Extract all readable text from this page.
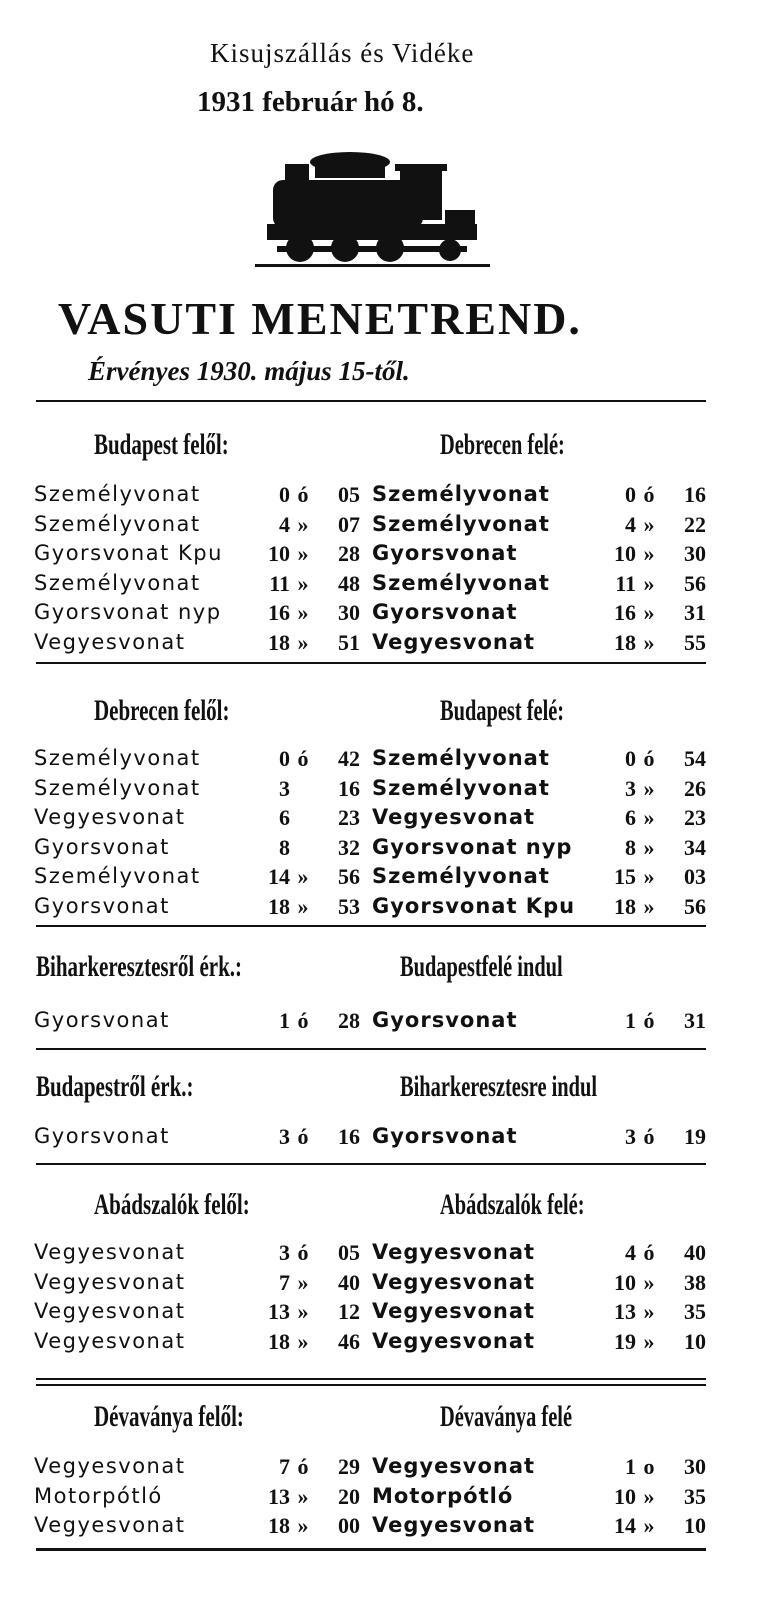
Kisujszállás és Vidéke
1931 február hó 8.
VASUTI MENETREND.
Érvényes 1930. május 15-től.
Budapest felől:	Debrecen felé:
Személyvonat	0 ó	05 Személyvonat	0 ó	16
Személyvonat	4 »	07 Személyvonat	4 »	22
Gyorsvonat Kpu	10 »	28 Gyorsvonat	10 »	30
Személyvonat	11 »	48 Személyvonat	11 »	56
Gyorsvonat nyp	16 »	30 Gyorsvonat	16 »	31
Vegyesvonat	18 »	51 Vegyesvonat	18 »	55
Debrecen felől:	Budapest felé:
Személyvonat	0 ó	42 Személyvonat	0 ó	54
Személyvonat	3	16 Személyvonat	3 »	26
Vegyesvonat	6	23 Vegyesvonat	6 »	23
Gyorsvonat	8	32 Gyorsvonat nyp	8 »	34
Személyvonat	14 »	56 Személyvonat	15 »	03
Gyorsvonat	18 »	53 Gyorsvonat Kpu	18 »	56
Biharkeresztesről érk.:	Budapestfelé indul
Gyorsvonat	1 ó	28 Gyorsvonat	1 ó	31
Budapestről érk.:	Biharkeresztesre indul
Gyorsvonat	3 ó	16 Gyorsvonat	3 ó	19
Abádszalók felől:	Abádszalók felé:
Vegyesvonat	3 ó	05 Vegyesvonat	4 ó	40
Vegyesvonat	7 »	40 Vegyesvonat	10 »	38
Vegyesvonat	13 »	12 Vegyesvonat	13 »	35
Vegyesvonat	18 »	46 Vegyesvonat	19 »	10
Dévaványa felől:	Dévaványa felé
Vegyesvonat	7 ó	29 Vegyesvonat	1 o	30
Motorpótló	13 »	20 Motorpótló	10 »	35
Vegyesvonat	18 »	00 Vegyesvonat	14 »	10
